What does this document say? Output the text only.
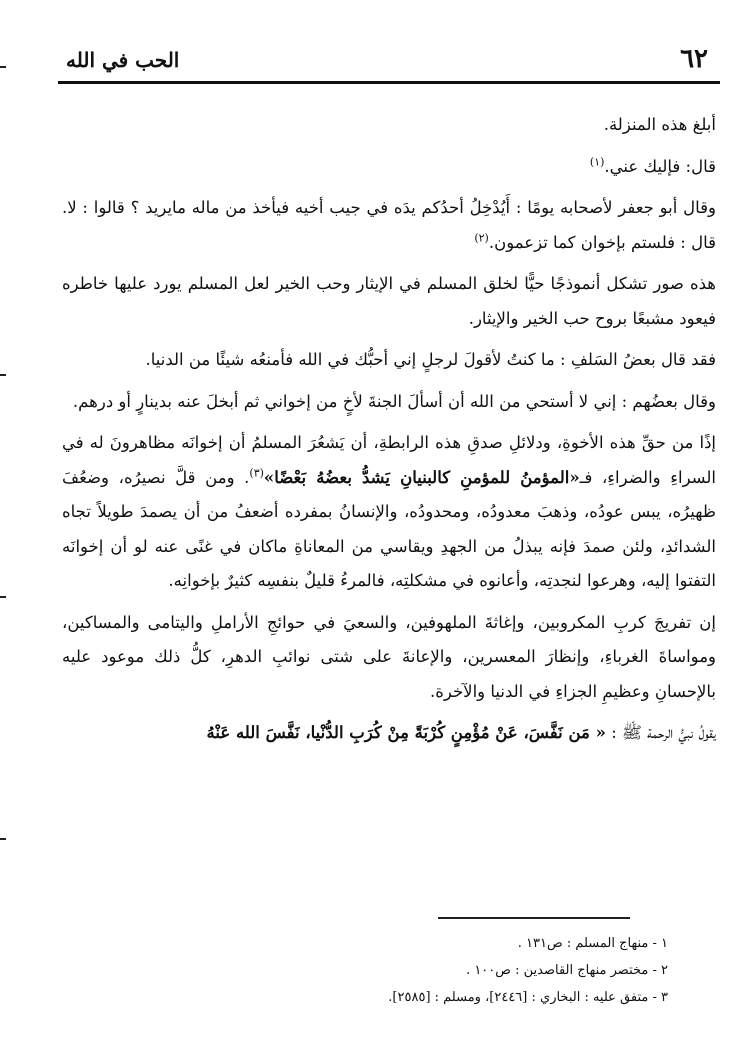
٦٢
الحب في الله

أبلغ هذه المنزلة.

قال: فإليك عني.$^{(١)}$

وقال أبو جعفر لأصحابه يومًا : أَيُدْخِلُ أحدُكم يدَه في جيب أخيه فيأخذ من ماله مايريد ؟ قالوا : لا. قال : فلستم بإخوان كما تزعمون.$^{(٢)}$

هذه صور تشكل أنموذجًا حيًّا لخلق المسلم في الإيثار وحب الخير لعل المسلم يورد عليها خاطره فيعود مشبعًا بروح حب الخير والإيثار.

فقد قال بعضُ السَلفِ : ما كنتُ لأقولَ لرجلٍ إني أحبُّك في الله فأمنعُه شيئًا من الدنيا.

وقال بعضُهم : إني لا أستحي من الله أن أسألَ الجنةَ لأخٍ من إخواني ثم أبخلَ عنه بدينارٍ أو درهم.

إذًا من حقِّ هذه الأخوةِ، ودلائلِ صدقِ هذه الرابطةِ، أن يَشعُرَ المسلمُ أن إخوانَه مظاهرونَ له في السراءِ والضراءِ، فـ«المؤمنُ للمؤمنِ كالبنيانِ يَشدُّ بعضُهُ بَعْضًا»$^{(٣)}$. ومن قلَّ نصيرُه، وضعُفَ ظهيرُه، يبس عودُه، وذهبَ معدودُه، ومحدودُه، والإنسانُ بمفرده أضعفُ من أن يصمدَ طويلاً تجاه الشدائدِ، ولئن صمدَ فإنه يبذلُ من الجهدِ ويقاسي من المعاناةِ ماكان في غنًى عنه لو أن إخوانَه التفتوا إليه، وهرعوا لنجدتِه، وأعانوه في مشكلتِه، فالمرءُ قليلٌ بنفسِه كثيرٌ بإخوانِه.

إن تفريجَ كربِ المكروبين، وإغاثةَ الملهوفين، والسعيَ في حوائجِ الأراملِ واليتامى والمساكين، ومواساةَ الغرباءِ، وإنظارَ المعسرين، والإعانةَ على شتى نوائبِ الدهرِ، كلُّ ذلك موعود عليه بالإحسانِ وعظيمِ الجزاءِ في الدنيا والآخرة.

يقولُ نبيُّ الرحمة ﷺ : « مَن نَفَّسَ، عَنْ مُؤْمِنٍ كُرْبَةً مِنْ كُرَبِ الدُّنْيا، نَفَّسَ الله عَنْهُ

١ - منهاج المسلم : ص١٣١ .
٢ - مختصر منهاج القاصدين : ص١٠٠ .
٣ - متفق عليه : البخاري : [٢٤٤٦]، ومسلم : [٢٥٨٥].
